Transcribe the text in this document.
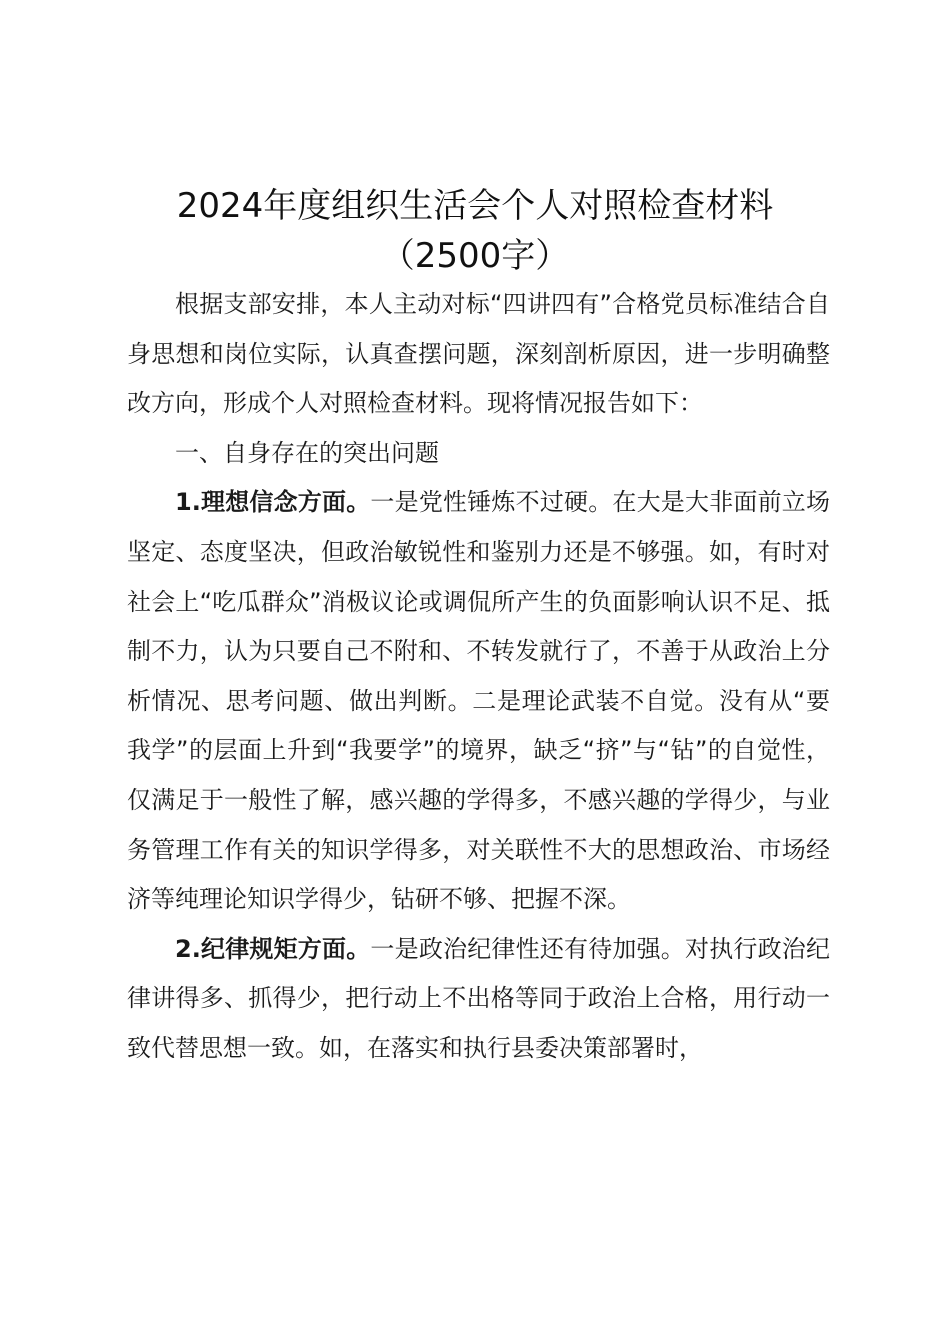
2024年度组织生活会个人对照检查材料
（2500字）

根据支部安排，本人主动对标“四讲四有”合格党员标准结合自身思想和岗位实际，认真查摆问题，深刻剖析原因，进一步明确整改方向，形成个人对照检查材料。现将情况报告如下：

一、自身存在的突出问题

1.理想信念方面。一是党性锤炼不过硬。在大是大非面前立场坚定、态度坚决，但政治敏锐性和鉴别力还是不够强。如，有时对社会上“吃瓜群众”消极议论或调侃所产生的负面影响认识不足、抵制不力，认为只要自己不附和、不转发就行了，不善于从政治上分析情况、思考问题、做出判断。二是理论武装不自觉。没有从“要我学”的层面上升到“我要学”的境界，缺乏“挤”与“钻”的自觉性，仅满足于一般性了解，感兴趣的学得多，不感兴趣的学得少，与业务管理工作有关的知识学得多，对关联性不大的思想政治、市场经济等纯理论知识学得少，钻研不够、把握不深。

2.纪律规矩方面。一是政治纪律性还有待加强。对执行政治纪律讲得多、抓得少，把行动上不出格等同于政治上合格，用行动一致代替思想一致。如，在落实和执行县委决策部署时，
